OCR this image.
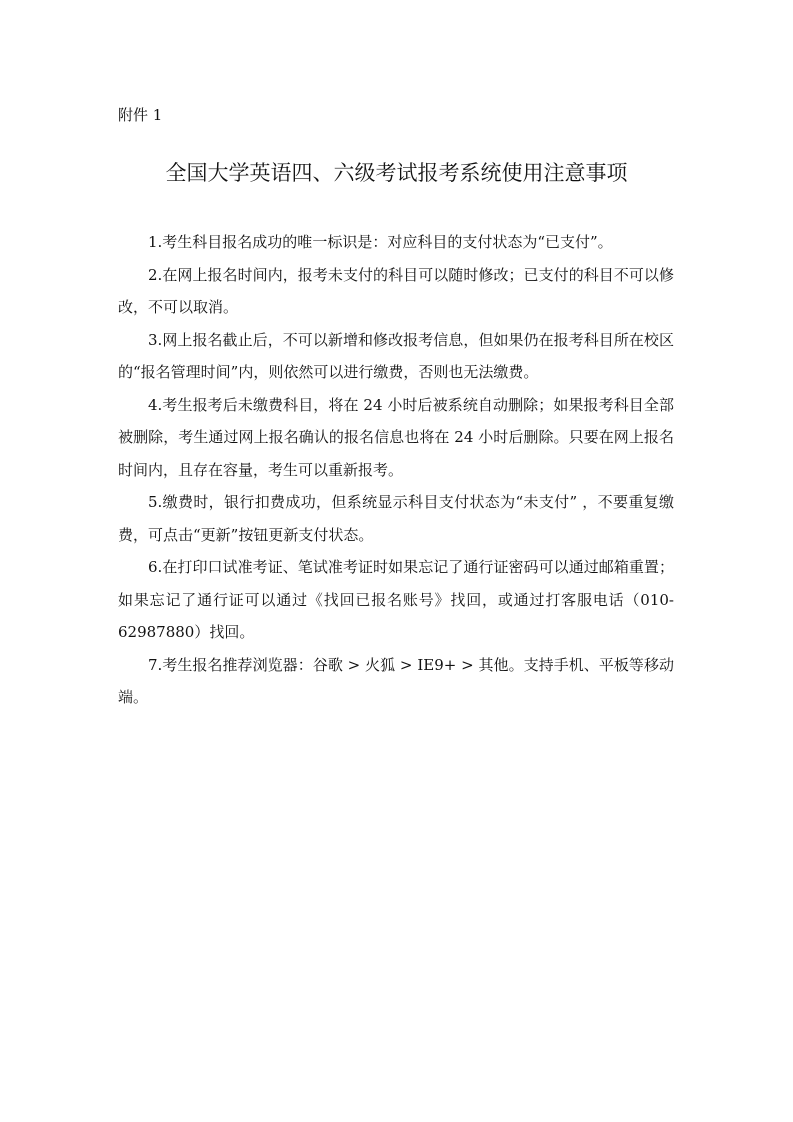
附件 1
全国大学英语四、六级考试报考系统使用注意事项

1.考生科目报名成功的唯一标识是：对应科目的支付状态为“已支付”。

2.在网上报名时间内，报考未支付的科目可以随时修改；已支付的科目不可以修改，不可以取消。

3.网上报名截止后，不可以新增和修改报考信息，但如果仍在报考科目所在校区的“报名管理时间”内，则依然可以进行缴费，否则也无法缴费。

4.考生报考后未缴费科目，将在 24 小时后被系统自动删除；如果报考科目全部被删除，考生通过网上报名确认的报名信息也将在 24 小时后删除。只要在网上报名时间内，且存在容量，考生可以重新报考。

5.缴费时，银行扣费成功，但系统显示科目支付状态为“未支付” ，不要重复缴费，可点击“更新”按钮更新支付状态。

6.在打印口试准考证、笔试准考证时如果忘记了通行证密码可以通过邮箱重置；如果忘记了通行证可以通过《找回已报名账号》找回，或通过打客服电话（010-62987880）找回。

7.考生报名推荐浏览器：谷歌 > 火狐 > IE9+ > 其他。支持手机、平板等移动端。
